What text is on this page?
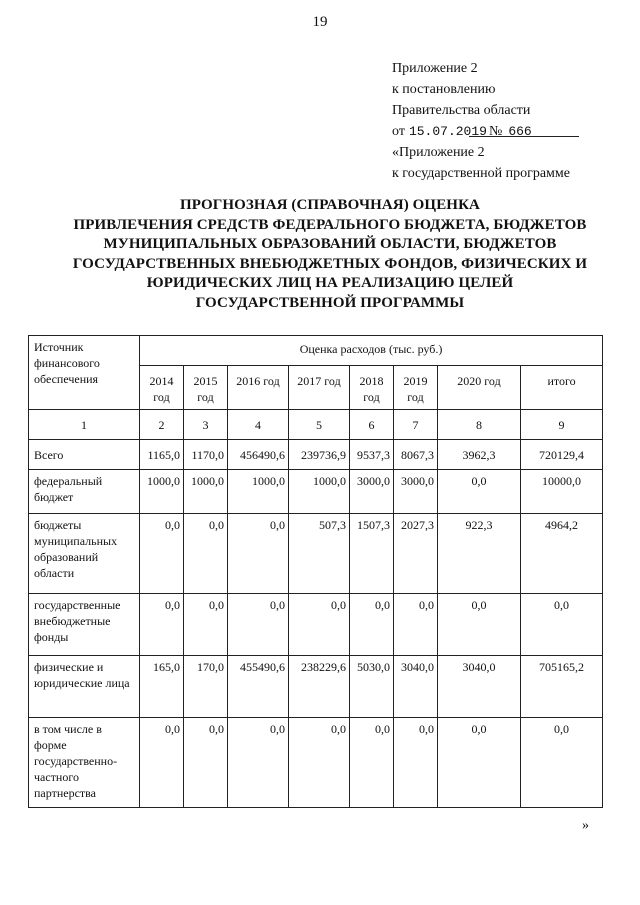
19
Приложение 2
к постановлению
Правительства области
от 15.07.2019 № 666
«Приложение 2
к государственной программе
ПРОГНОЗНАЯ (СПРАВОЧНАЯ) ОЦЕНКА
ПРИВЛЕЧЕНИЯ СРЕДСТВ ФЕДЕРАЛЬНОГО БЮДЖЕТА, БЮДЖЕТОВ
МУНИЦИПАЛЬНЫХ ОБРАЗОВАНИЙ ОБЛАСТИ, БЮДЖЕТОВ
ГОСУДАРСТВЕННЫХ ВНЕБЮДЖЕТНЫХ ФОНДОВ, ФИЗИЧЕСКИХ И
ЮРИДИЧЕСКИХ ЛИЦ НА РЕАЛИЗАЦИЮ ЦЕЛЕЙ
ГОСУДАРСТВЕННОЙ ПРОГРАММЫ
Источник финансового обеспечения	Оценка расходов (тыс. руб.)							
	2014 год	2015 год	2016 год	2017 год	2018 год	2019 год	2020 год	итого
1	2	3	4	5	6	7	8	9
Всего	1165,0	1170,0	456490,6	239736,9	9537,3	8067,3	3962,3	720129,4
федеральный бюджет	1000,0	1000,0	1000,0	1000,0	3000,0	3000,0	0,0	10000,0
бюджеты муниципальных образований области	0,0	0,0	0,0	507,3	1507,3	2027,3	922,3	4964,2
государственные внебюджетные фонды	0,0	0,0	0,0	0,0	0,0	0,0	0,0	0,0
физические и юридические лица	165,0	170,0	455490,6	238229,6	5030,0	3040,0	3040,0	705165,2
в том числе в форме государственно-частного партнерства	0,0	0,0	0,0	0,0	0,0	0,0	0,0	0,0
»
